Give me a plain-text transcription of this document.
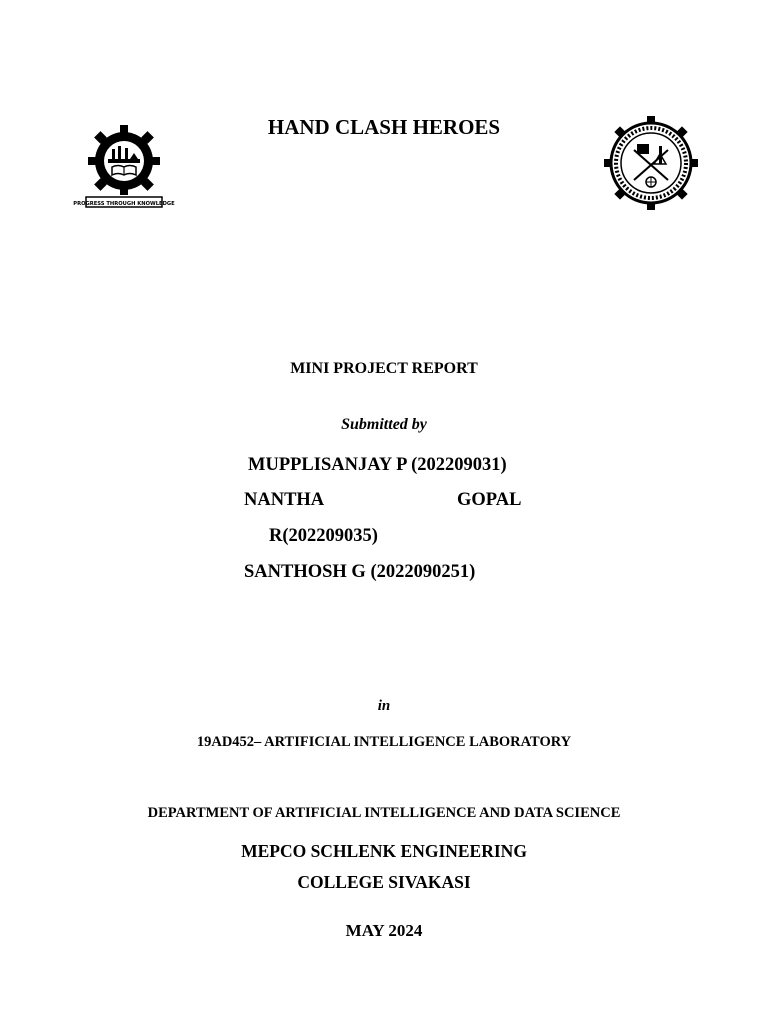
PROGRESS THROUGH KNOWLEDGE
HAND CLASH HEROES
MINI PROJECT REPORT
Submitted by
MUPPLISANJAY P (202209031)
NANTHA	GOPAL
R(202209035)
SANTHOSH G (2022090251)
in
19AD452– ARTIFICIAL INTELLIGENCE LABORATORY
DEPARTMENT OF ARTIFICIAL INTELLIGENCE AND DATA SCIENCE
MEPCO SCHLENK ENGINEERING
COLLEGE SIVAKASI
MAY 2024
